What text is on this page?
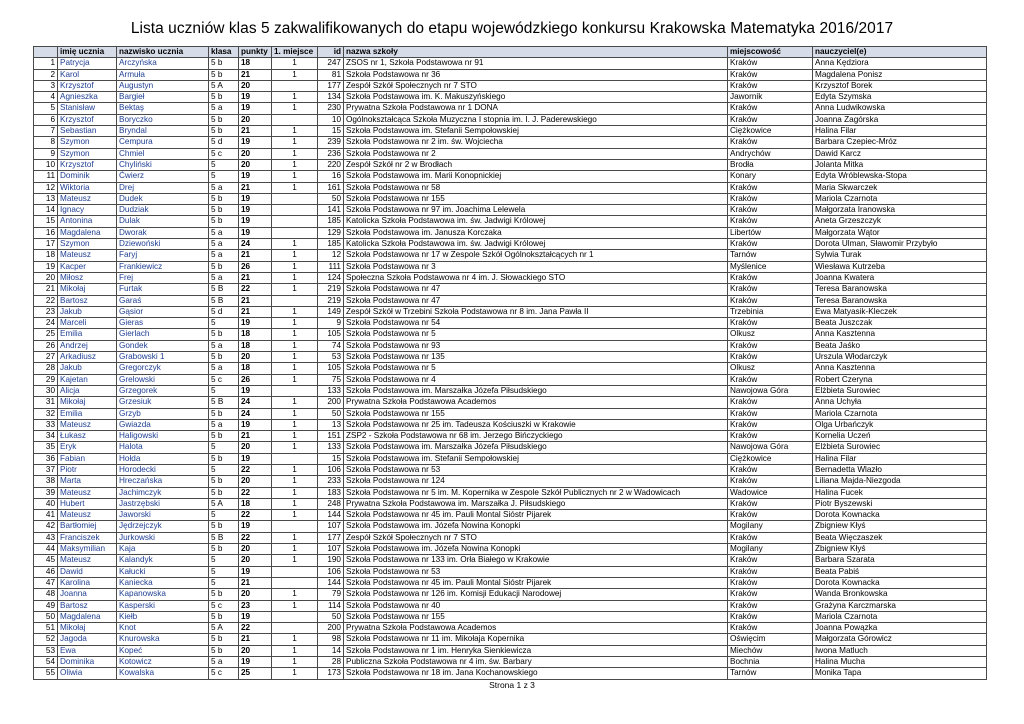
Lista uczniów klas 5 zakwalifikowanych do etapu wojewódzkiego konkursu Krakowska Matematyka 2016/2017
	imię ucznia	nazwisko ucznia	klasa	punkty	1. miejsce	id	nazwa szkoły	miejscowość	nauczyciel(e)
1	Patrycja	Arczyńska	5 b	18	1	247	ZSOS nr 1, Szkoła Podstawowa nr 91	Kraków	Anna Kędziora
2	Karol	Armuła	5 b	21	1	81	Szkoła Podstawowa nr 36	Kraków	Magdalena Ponisz
3	Krzysztof	Augustyn	5 A	20		177	Zespół Szkół Społecznych nr 7 STO	Kraków	Krzysztof Borek
4	Agnieszka	Bargieł	5 b	19	1	134	Szkoła Podstawowa im. K. Makuszyńskiego	Jawornik	Edyta Szymska
5	Stanisław	Bektaş	5 a	19	1	230	Prywatna Szkoła Podstawowa nr 1 DONA	Kraków	Anna Ludwikowska
6	Krzysztof	Boryczko	5 b	20		10	Ogólnokształcąca Szkoła Muzyczna I stopnia im. I. J. Paderewskiego	Kraków	Joanna Zagórska
7	Sebastian	Bryndal	5 b	21	1	15	Szkoła Podstawowa im. Stefanii Sempołowskiej	Ciężkowice	Halina Filar
8	Szymon	Cempura	5 d	19	1	239	Szkoła Podstawowa nr 2 im. św. Wojciecha	Kraków	Barbara Czepiec-Mróz
9	Szymon	Chmiel	5 c	20	1	236	Szkoła Podstawowa nr 2	Andrychów	Dawid Karcz
10	Krzysztof	Chyliński	5	20	1	220	Zespół Szkół nr 2 w Brodłach	Brodła	Jolanta Mitka
11	Dominik	Ćwierz	5	19	1	16	Szkoła Podstawowa im. Marii Konopnickiej	Konary	Edyta Wróblewska-Stopa
12	Wiktoria	Drej	5 a	21	1	161	Szkoła Podstawowa nr 58	Kraków	Maria Skwarczek
13	Mateusz	Dudek	5 b	19		50	Szkoła Podstawowa nr 155	Kraków	Mariola Czarnota
14	Ignacy	Dudziak	5 b	19		141	Szkoła Podstawowa nr 97 im. Joachima Lelewela	Kraków	Małgorzata Iranowska
15	Antonina	Dulak	5 b	19		185	Katolicka Szkoła Podstawowa im. św. Jadwigi Królowej	Kraków	Aneta Grzeszczyk
16	Magdalena	Dworak	5 a	19		129	Szkoła Podstawowa im. Janusza Korczaka	Libertów	Małgorzata Wątor
17	Szymon	Dziewoński	5 a	24	1	185	Katolicka Szkoła Podstawowa im. św. Jadwigi Królowej	Kraków	Dorota Ulman, Sławomir Przybyło
18	Mateusz	Faryj	5 a	21	1	12	Szkoła Podstawowa nr 17 w Zespole Szkół Ogólnokształcących nr 1	Tarnów	Sylwia Turak
19	Kacper	Frankiewicz	5 b	26	1	111	Szkoła Podstawowa nr 3	Myślenice	Wiesława Kutrzeba
20	Miłosz	Frej	5 a	21	1	124	Społeczna Szkoła Podstawowa nr 4 im. J. Słowackiego STO	Kraków	Joanna Kwatera
21	Mikołaj	Furtak	5 B	22	1	219	Szkoła Podstawowa nr 47	Kraków	Teresa Baranowska
22	Bartosz	Garaś	5 B	21		219	Szkoła Podstawowa nr 47	Kraków	Teresa Baranowska
23	Jakub	Gąsior	5 d	21	1	149	Zespół Szkół w Trzebini Szkoła Podstawowa nr 8 im. Jana Pawła II	Trzebinia	Ewa Matyasik-Kleczek
24	Marceli	Gieras	5	19	1	9	Szkoła Podstawowa nr 54	Kraków	Beata Juszczak
25	Emilia	Gierlach	5 b	18	1	105	Szkoła Podstawowa nr 5	Olkusz	Anna Kasztenna
26	Andrzej	Gondek	5 a	18	1	74	Szkoła Podstawowa nr 93	Kraków	Beata Jaśko
27	Arkadiusz	Grabowski 1	5 b	20	1	53	Szkoła Podstawowa nr 135	Kraków	Urszula Włodarczyk
28	Jakub	Gregorczyk	5 a	18	1	105	Szkoła Podstawowa nr 5	Olkusz	Anna Kasztenna
29	Kajetan	Grelowski	5 c	26	1	75	Szkoła Podstawowa nr 4	Kraków	Robert Czeryna
30	Alicja	Grzegorek	5	19		133	Szkoła Podstawowa im. Marszałka Józefa Piłsudskiego	Nawojowa Góra	Elżbieta Surowiec
31	Mikołaj	Grzesiuk	5 B	24	1	200	Prywatna Szkoła Podstawowa Academos	Kraków	Anna Uchyła
32	Emilia	Grzyb	5 b	24	1	50	Szkoła Podstawowa nr 155	Kraków	Mariola Czarnota
33	Mateusz	Gwiazda	5 a	19	1	13	Szkoła Podstawowa nr 25 im. Tadeusza Kościuszki w Krakowie	Kraków	Olga Urbańczyk
34	Łukasz	Haligowski	5 b	21	1	151	ZSP2 - Szkoła Podstawowa nr 68 im. Jerzego Bińczyckiego	Kraków	Kornelia Uczeń
35	Eryk	Halota	5	20	1	133	Szkoła Podstawowa im. Marszałka Józefa Piłsudskiego	Nawojowa Góra	Elżbieta Surowiec
36	Fabian	Hołda	5 b	19		15	Szkoła Podstawowa im. Stefanii Sempołowskiej	Ciężkowice	Halina Filar
37	Piotr	Horodecki	5	22	1	106	Szkoła Podstawowa nr 53	Kraków	Bernadetta Wlazło
38	Marta	Hreczańska	5 b	20	1	233	Szkoła Podstawowa nr 124	Kraków	Liliana Majda-Niezgoda
39	Mateusz	Jachimczyk	5 b	22	1	183	Szkoła Podstawowa nr 5 im. M. Kopernika w Zespole Szkół Publicznych nr 2 w Wadowicach	Wadowice	Halina Fucek
40	Hubert	Jastrzębski	5 A	18	1	248	Prywatna Szkoła Podstawowa im. Marszałka J. Piłsudskiego	Kraków	Piotr Byszewski
41	Mateusz	Jaworski	5	22	1	144	Szkoła Podstawowa nr 45 im. Pauli Montal Sióstr Pijarek	Kraków	Dorota Kownacka
42	Bartłomiej	Jędrzejczyk	5 b	19		107	Szkoła Podstawowa im. Józefa Nowina Konopki	Mogilany	Zbigniew Kłyś
43	Franciszek	Jurkowski	5 B	22	1	177	Zespół Szkół Społecznych nr 7 STO	Kraków	Beata Więczaszek
44	Maksymilian	Kaja	5 b	20	1	107	Szkoła Podstawowa im. Józefa Nowina Konopki	Mogilany	Zbigniew Kłyś
45	Mateusz	Kalandyk	5	20	1	190	Szkoła Podstawowa nr 133 im. Orła Białego w Krakowie	Kraków	Barbara Szarata
46	Dawid	Kałucki	5	19		106	Szkoła Podstawowa nr 53	Kraków	Beata Pabiś
47	Karolina	Kaniecka	5	21		144	Szkoła Podstawowa nr 45 im. Pauli Montal Sióstr Pijarek	Kraków	Dorota Kownacka
48	Joanna	Kapanowska	5 b	20	1	79	Szkoła Podstawowa nr 126 im. Komisji Edukacji Narodowej	Kraków	Wanda Bronkowska
49	Bartosz	Kasperski	5 c	23	1	114	Szkoła Podstawowa nr 40	Kraków	Grażyna Karczmarska
50	Magdalena	Kiełb	5 b	19		50	Szkoła Podstawowa nr 155	Kraków	Mariola Czarnota
51	Mikołaj	Knot	5 A	22		200	Prywatna Szkoła Podstawowa Academos	Kraków	Joanna Powązka
52	Jagoda	Knurowska	5 b	21	1	98	Szkoła Podstawowa nr 11 im. Mikołaja Kopernika	Oświęcim	Małgorzata Górowicz
53	Ewa	Kopeć	5 b	20	1	14	Szkoła Podstawowa nr 1 im. Henryka Sienkiewicza	Miechów	Iwona Matluch
54	Dominika	Kotowicz	5 a	19	1	28	Publiczna Szkoła Podstawowa nr 4 im. św. Barbary	Bochnia	Halina Mucha
55	Oliwia	Kowalska	5 c	25	1	173	Szkoła Podstawowa nr 18 im. Jana Kochanowskiego	Tarnów	Monika Tapa
Strona 1 z 3
